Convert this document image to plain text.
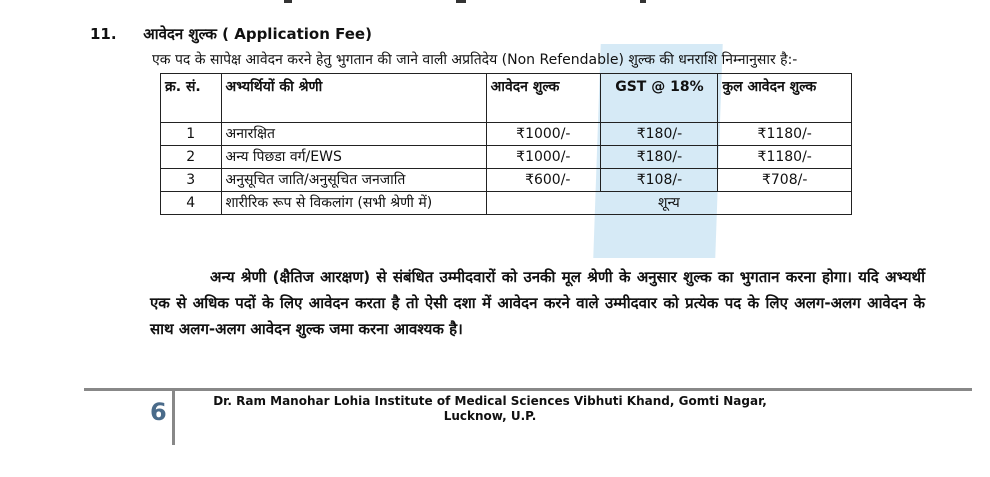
11. आवेदन शुल्क ( Application Fee)
एक पद के सापेक्ष आवेदन करने हेतु भुगतान की जाने वाली अप्रतिदेय (Non Refendable) शुल्क की धनराशि निम्नानुसार है:-
क्र. सं.	अभ्यर्थियों की श्रेणी	आवेदन शुल्क	GST @ 18%	कुल आवेदन शुल्क
1	अनारक्षित	₹1000/-	₹180/-	₹1180/-
2	अन्य पिछडा वर्ग/EWS	₹1000/-	₹180/-	₹1180/-
3	अनुसूचित जाति/अनुसूचित जनजाति	₹600/-	₹108/-	₹708/-
4	शारीरिक रूप से विकलांग (सभी श्रेणी में)	शून्य		
अन्य श्रेणी (क्षैतिज आरक्षण) से संबंधित उम्मीदवारों को उनकी मूल श्रेणी के अनुसार शुल्क का भुगतान करना होगा। यदि अभ्यर्थी एक से अधिक पदों के लिए आवेदन करता है तो ऐसी दशा में आवेदन करने वाले उम्मीदवार को प्रत्येक पद के लिए अलग-अलग आवेदन के साथ अलग-अलग आवेदन शुल्क जमा करना आवश्यक है।
6	Dr. Ram Manohar Lohia Institute of Medical Sciences Vibhuti Khand, Gomti Nagar, Lucknow, U.P.
